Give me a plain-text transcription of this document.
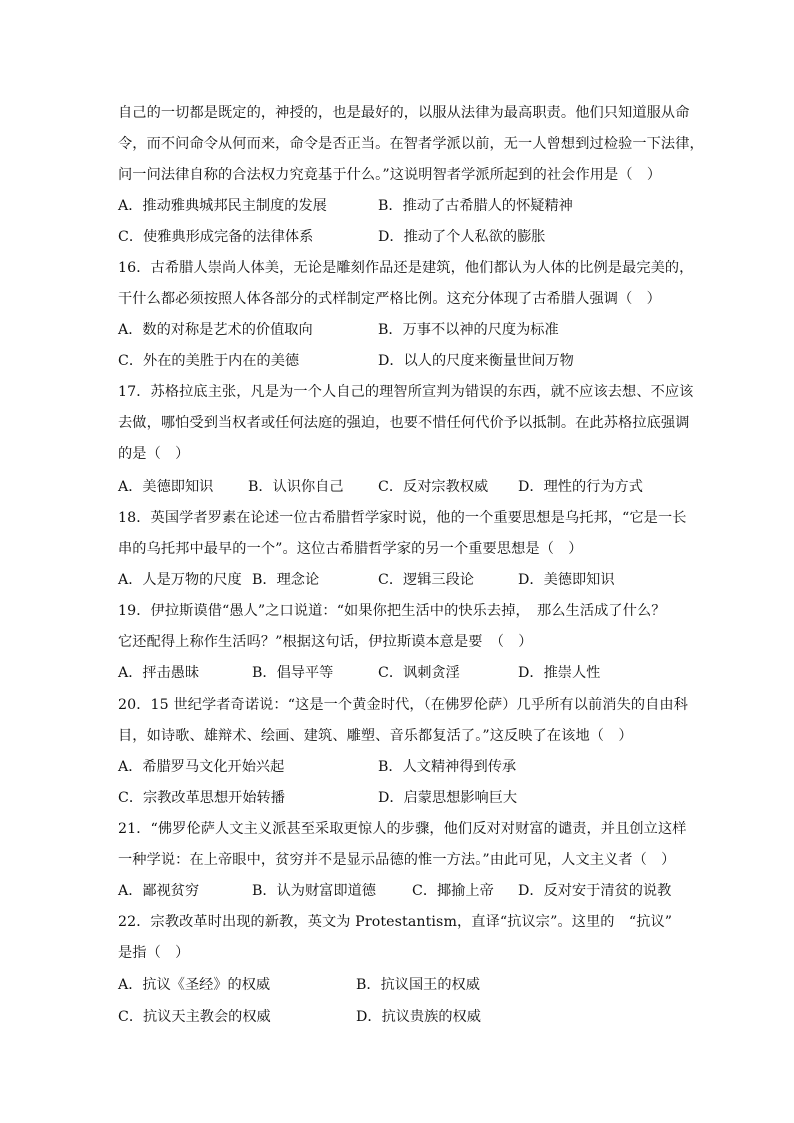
自己的一切都是既定的，神授的，也是最好的，以服从法律为最高职责。他们只知道服从命
令，而不问命令从何而来，命令是否正当。在智者学派以前，无一人曾想到过检验一下法律，
问一问法律自称的合法权力究竟基于什么。”这说明智者学派所起到的社会作用是（　）
A．推动雅典城邦民主制度的发展	B．推动了古希腊人的怀疑精神
C．使雅典形成完备的法律体系	D．推动了个人私欲的膨胀
16．古希腊人崇尚人体美，无论是雕刻作品还是建筑，他们都认为人体的比例是最完美的，
干什么都必须按照人体各部分的式样制定严格比例。这充分体现了古希腊人强调（　）
A．数的对称是艺术的价值取向	B．万事不以神的尺度为标准
C．外在的美胜于内在的美德	D．以人的尺度来衡量世间万物
17．苏格拉底主张，凡是为一个人自己的理智所宣判为错误的东西，就不应该去想、不应该
去做，哪怕受到当权者或任何法庭的强迫，也要不惜任何代价予以抵制。在此苏格拉底强调
的是（　）
A．美德即知识 B．认识你自己 C．反对宗教权威 D．理性的行为方式
18．英国学者罗素在论述一位古希腊哲学家时说，他的一个重要思想是乌托邦，“它是一长
串的乌托邦中最早的一个”。这位古希腊哲学家的另一个重要思想是（　）
A．人是万物的尺度 B．理念论	C．逻辑三段论	D．美德即知识
19．伊拉斯谟借“愚人”之口说道：“如果你把生活中的快乐去掉，　那么生活成了什么？
它还配得上称作生活吗？”根据这句话，伊拉斯谟本意是要　（　）
A．抨击愚昧	B．倡导平等	C．讽刺贪淫	D．推崇人性
20．15 世纪学者奇诺说：“这是一个黄金时代，（在佛罗伦萨）几乎所有以前消失的自由科
目，如诗歌、雄辩术、绘画、建筑、雕塑、音乐都复活了。”这反映了在该地（　）
A．希腊罗马文化开始兴起	B．人文精神得到传承
C．宗教改革思想开始转播	D．启蒙思想影响巨大
21．“佛罗伦萨人文主义派甚至采取更惊人的步骤，他们反对对财富的谴责，并且创立这样
一种学说：在上帝眼中，贫穷并不是显示品德的惟一方法。”由此可见，人文主义者（　）
A．鄙视贫穷	B．认为财富即道德	C．揶揄上帝 D．反对安于清贫的说教
22．宗教改革时出现的新教，英文为 Protestantism，直译“抗议宗”。这里的　“抗议”
是指（　）
A．抗议《圣经》的权威	B．抗议国王的权威
C．抗议天主教会的权威	D．抗议贵族的权威
